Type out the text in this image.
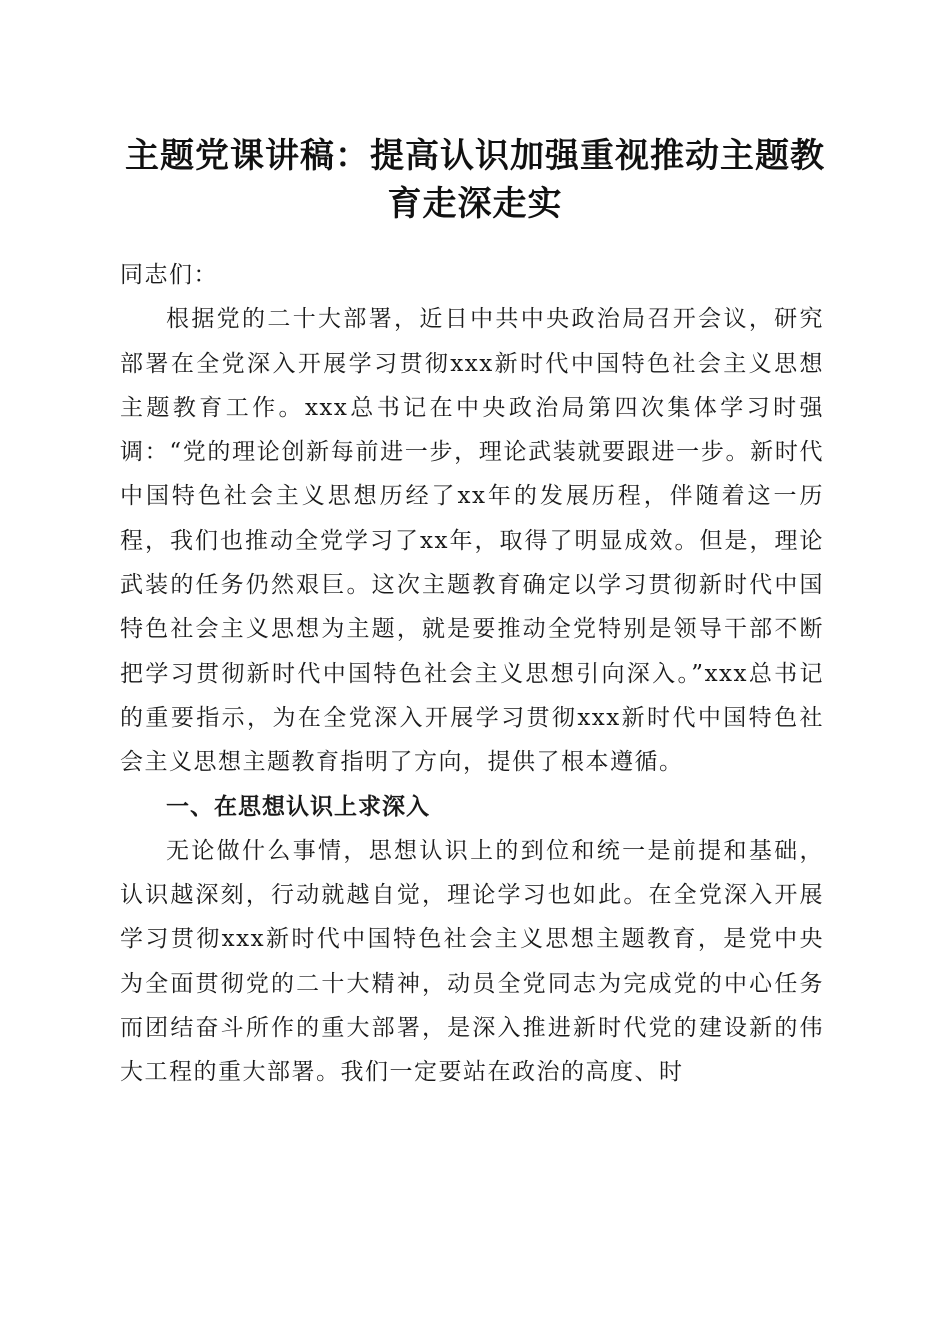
主题党课讲稿：提高认识加强重视推动主题教
育走深走实

同志们：

根据党的二十大部署，近日中共中央政治局召开会议，研究部署在全党深入开展学习贯彻xxx新时代中国特色社会主义思想主题教育工作。xxx总书记在中央政治局第四次集体学习时强调：“党的理论创新每前进一步，理论武装就要跟进一步。新时代中国特色社会主义思想历经了xx年的发展历程，伴随着这一历程，我们也推动全党学习了xx年，取得了明显成效。但是，理论武装的任务仍然艰巨。这次主题教育确定以学习贯彻新时代中国特色社会主义思想为主题，就是要推动全党特别是领导干部不断把学习贯彻新时代中国特色社会主义思想引向深入。”xxx总书记的重要指示，为在全党深入开展学习贯彻xxx新时代中国特色社会主义思想主题教育指明了方向，提供了根本遵循。

一、在思想认识上求深入

无论做什么事情，思想认识上的到位和统一是前提和基础，认识越深刻，行动就越自觉，理论学习也如此。在全党深入开展学习贯彻xxx新时代中国特色社会主义思想主题教育，是党中央为全面贯彻党的二十大精神，动员全党同志为完成党的中心任务而团结奋斗所作的重大部署，是深入推进新时代党的建设新的伟大工程的重大部署。我们一定要站在政治的高度、时
